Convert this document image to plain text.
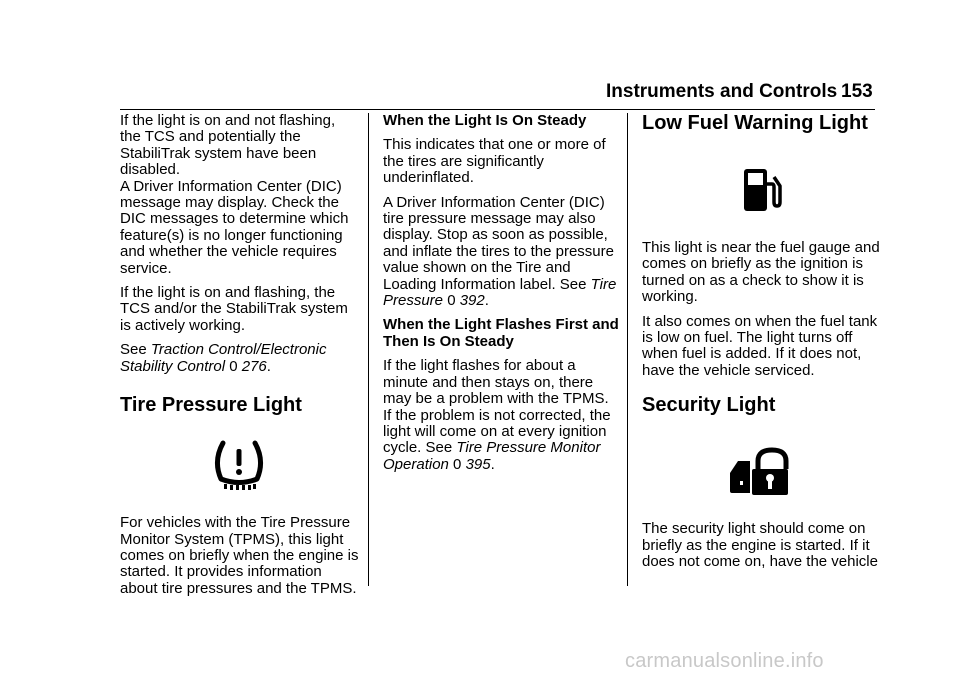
Instruments and Controls 153

If the light is on and not flashing, the TCS and potentially the StabiliTrak system have been disabled.

A Driver Information Center (DIC) message may display. Check the DIC messages to determine which feature(s) is no longer functioning and whether the vehicle requires service.

If the light is on and flashing, the TCS and/or the StabiliTrak system is actively working.

See Traction Control/Electronic Stability Control 0 276.

Tire Pressure Light

For vehicles with the Tire Pressure Monitor System (TPMS), this light comes on briefly when the engine is started. It provides information about tire pressures and the TPMS.

When the Light Is On Steady

This indicates that one or more of the tires are significantly underinflated.

A Driver Information Center (DIC) tire pressure message may also display. Stop as soon as possible, and inflate the tires to the pressure value shown on the Tire and Loading Information label. See Tire Pressure 0 392.

When the Light Flashes First and Then Is On Steady

If the light flashes for about a minute and then stays on, there may be a problem with the TPMS. If the problem is not corrected, the light will come on at every ignition cycle. See Tire Pressure Monitor Operation 0 395.

Low Fuel Warning Light

This light is near the fuel gauge and comes on briefly as the ignition is turned on as a check to show it is working.

It also comes on when the fuel tank is low on fuel. The light turns off when fuel is added. If it does not, have the vehicle serviced.

Security Light

The security light should come on briefly as the engine is started. If it does not come on, have the vehicle

carmanualsonline.info
